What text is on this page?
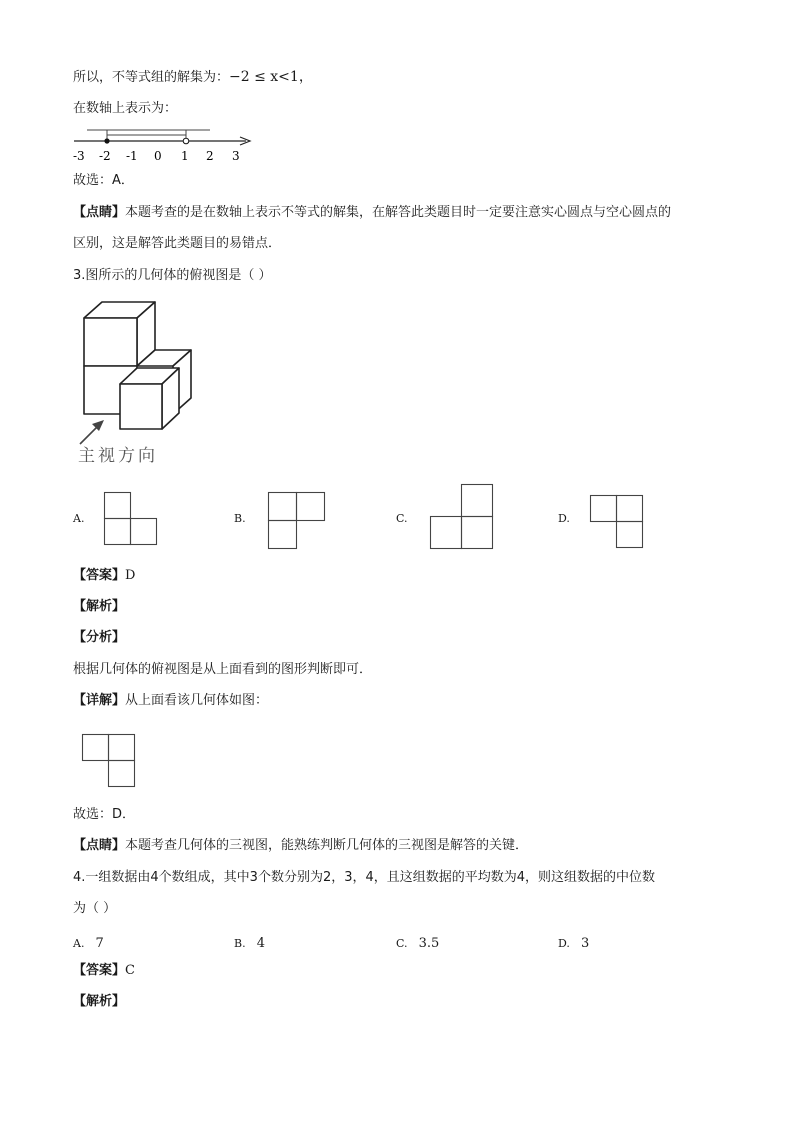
所以，不等式组的解集为：−2 ≤ x<1，
在数轴上表示为：
-3 -2 -1 0 1 2 3
故选：A．
【点睛】本题考查的是在数轴上表示不等式的解集，在解答此类题目时一定要注意实心圆点与空心圆点的
区别，这是解答此类题目的易错点．
3.图所示的几何体的俯视图是（ ）
主视方向
A.	B.	C.	D.
【答案】D
【解析】
【分析】
根据几何体的俯视图是从上面看到的图形判断即可．
【详解】从上面看该几何体如图：
故选：D．
【点睛】本题考查几何体的三视图，能熟练判断几何体的三视图是解答的关键．
4.一组数据由4个数组成，其中3个数分别为2，3，4，且这组数据的平均数为4，则这组数据的中位数
为（ ）
A. 7	B. 4	C. 3.5	D. 3
【答案】C
【解析】
